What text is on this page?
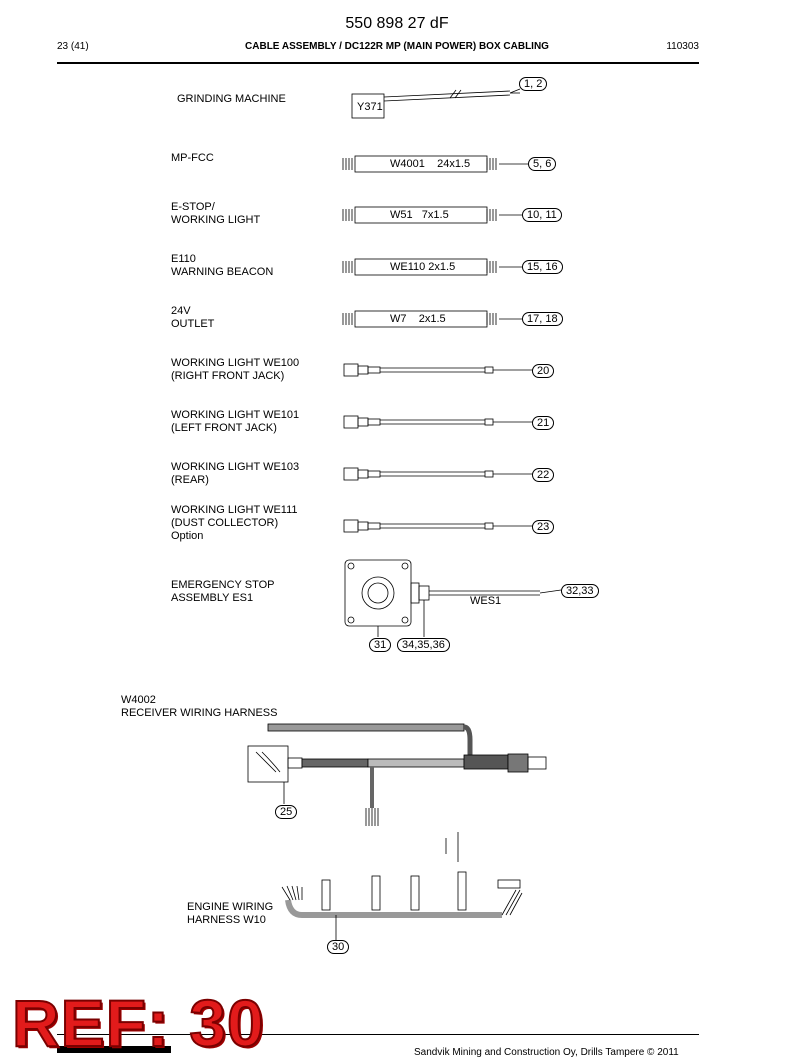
550 898 27 dF
23 (41)	CABLE ASSEMBLY / DC122R MP (MAIN POWER) BOX CABLING	110303
GRINDING MACHINE
MP-FCC
E-STOP/
WORKING LIGHT
E110
WARNING BEACON
24V
OUTLET
WORKING LIGHT WE100
(RIGHT FRONT JACK)
WORKING LIGHT WE101
(LEFT FRONT JACK)
WORKING LIGHT WE103
(REAR)
WORKING LIGHT WE111
(DUST COLLECTOR)
Option
EMERGENCY STOP
ASSEMBLY ES1
W4002
RECEIVER WIRING HARNESS
ENGINE WIRING
HARNESS W10
Y371
W4001    24x1.5
W51   7x1.5
WE110 2x1.5
W7    2x1.5
WES1
1, 2
5, 6
10, 11
15, 16
17, 18
20
21
22
23
32,33
31	34,35,36
25
30
Sandvik Mining and Construction Oy, Drills Tampere © 2011
REF: 30
